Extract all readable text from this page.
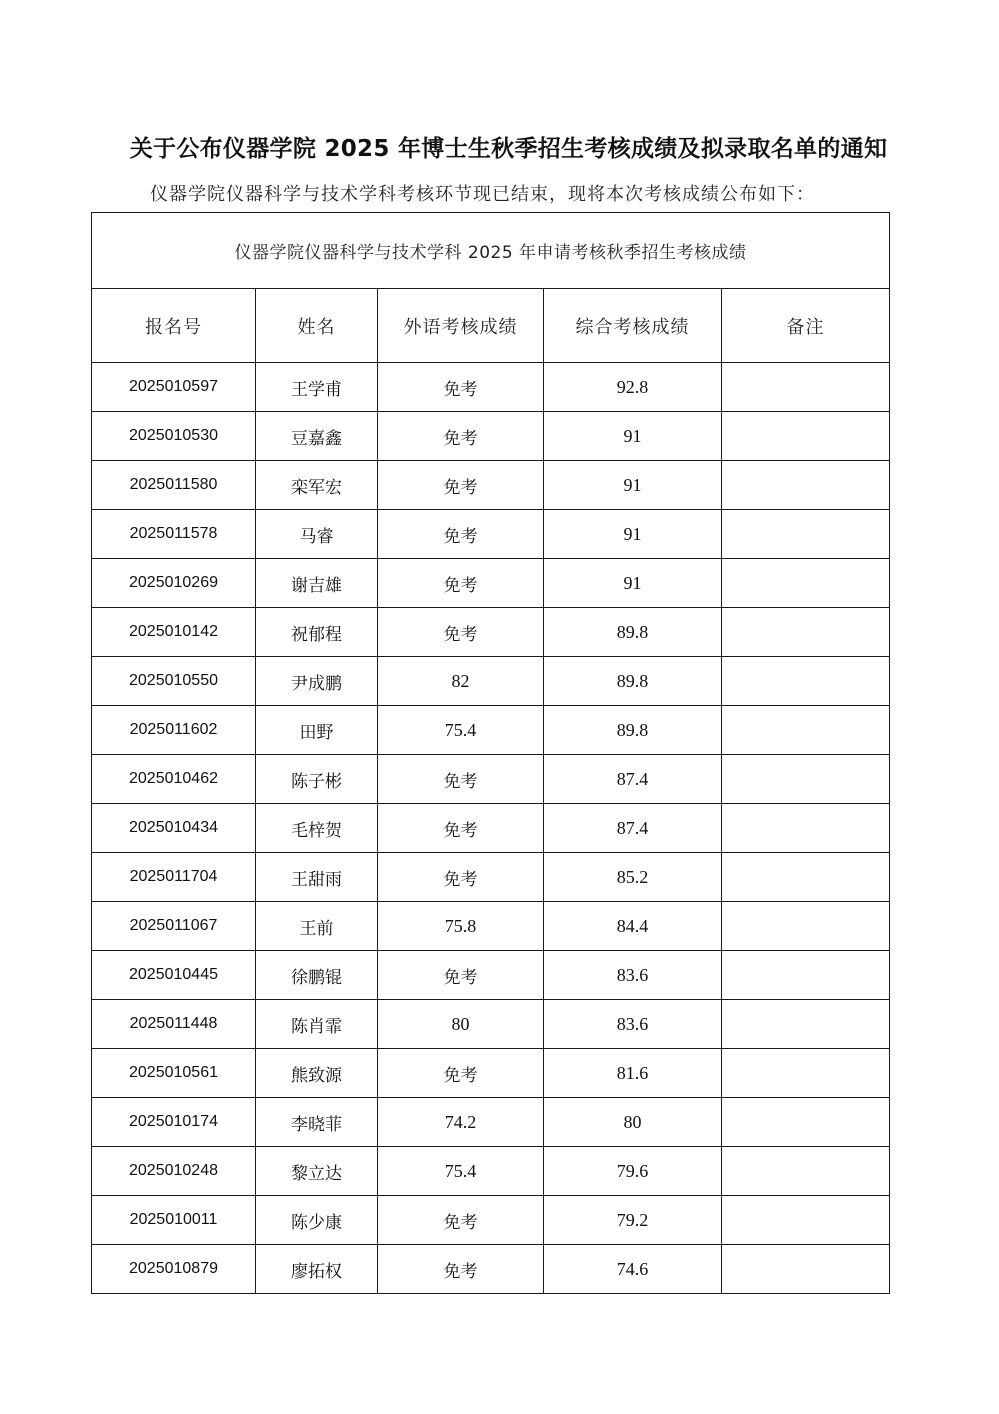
关于公布仪器学院 2025 年博士生秋季招生考核成绩及拟录取名单的通知
仪器学院仪器科学与技术学科考核环节现已结束，现将本次考核成绩公布如下：
仪器学院仪器科学与技术学科 2025 年申请考核秋季招生考核成绩				
报名号	姓名	外语考核成绩	综合考核成绩	备注
2025010597	王学甫	免考	92.8	
2025010530	豆嘉鑫	免考	91	
2025011580	栾军宏	免考	91	
2025011578	马睿	免考	91	
2025010269	谢吉雄	免考	91	
2025010142	祝郁程	免考	89.8	
2025010550	尹成鹏	82	89.8	
2025011602	田野	75.4	89.8	
2025010462	陈子彬	免考	87.4	
2025010434	毛梓贺	免考	87.4	
2025011704	王甜雨	免考	85.2	
2025011067	王前	75.8	84.4	
2025010445	徐鹏锟	免考	83.6	
2025011448	陈肖霏	80	83.6	
2025010561	熊致源	免考	81.6	
2025010174	李晓菲	74.2	80	
2025010248	黎立达	75.4	79.6	
2025010011	陈少康	免考	79.2	
2025010879	廖拓权	免考	74.6	
